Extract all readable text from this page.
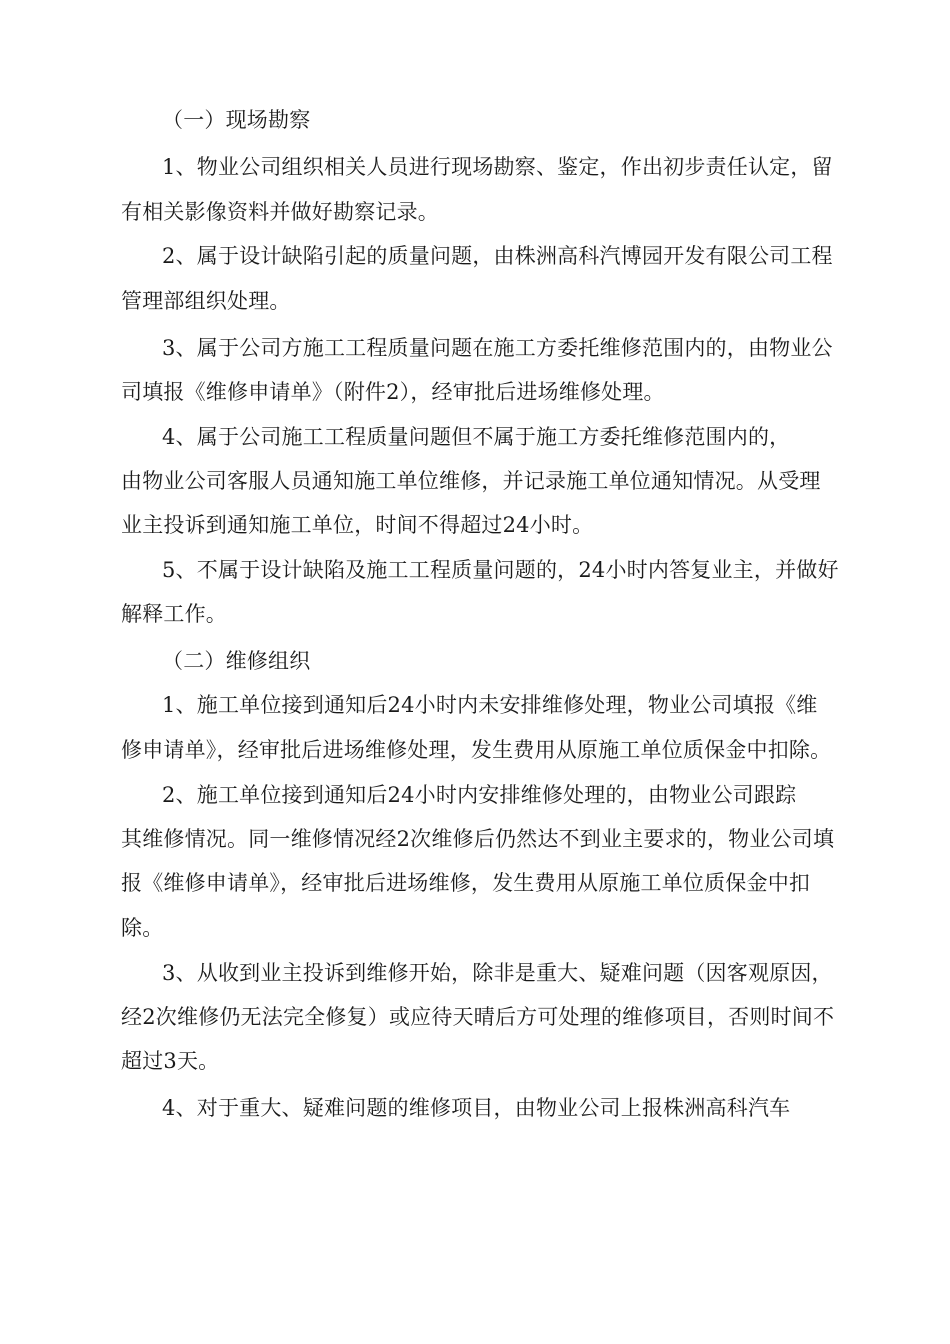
（一）现场勘察
1、物业公司组织相关人员进行现场勘察、鉴定，作出初步责任认定，留
有相关影像资料并做好勘察记录。
2、属于设计缺陷引起的质量问题，由株洲高科汽博园开发有限公司工程
管理部组织处理。
3、属于公司方施工工程质量问题在施工方委托维修范围内的，由物业公
司填报《维修申请单》（附件2），经审批后进场维修处理。
4、属于公司施工工程质量问题但不属于施工方委托维修范围内的，
由物业公司客服人员通知施工单位维修，并记录施工单位通知情况。从受理
业主投诉到通知施工单位，时间不得超过24小时。
5、不属于设计缺陷及施工工程质量问题的，24小时内答复业主，并做好
解释工作。
（二）维修组织
1、施工单位接到通知后24小时内未安排维修处理，物业公司填报《维
修申请单》，经审批后进场维修处理，发生费用从原施工单位质保金中扣除。
2、施工单位接到通知后24小时内安排维修处理的，由物业公司跟踪
其维修情况。同一维修情况经2次维修后仍然达不到业主要求的，物业公司填
报《维修申请单》，经审批后进场维修，发生费用从原施工单位质保金中扣
除。
3、从收到业主投诉到维修开始，除非是重大、疑难问题（因客观原因，
经2次维修仍无法完全修复）或应待天晴后方可处理的维修项目，否则时间不
超过3天。
4、对于重大、疑难问题的维修项目，由物业公司上报株洲高科汽车
